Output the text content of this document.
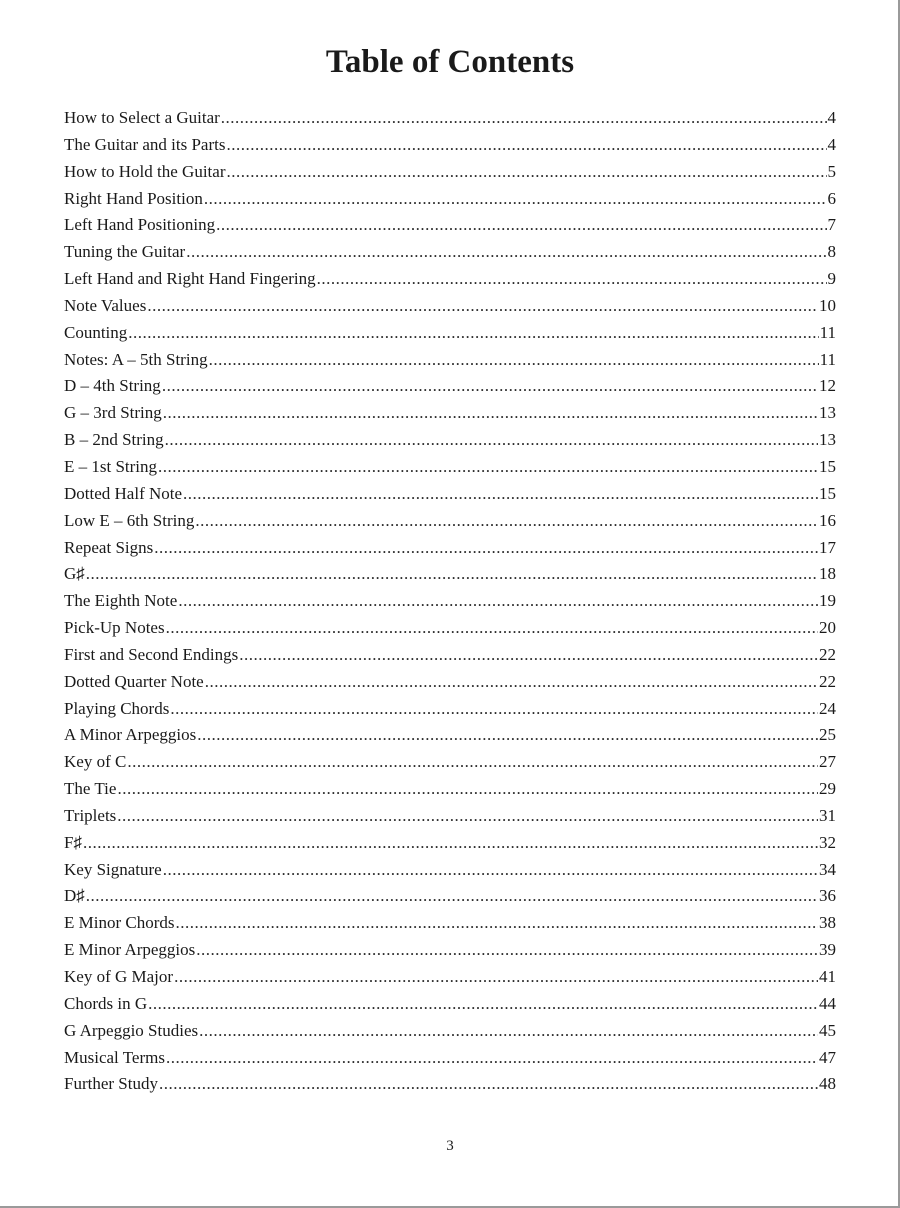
Table of Contents
How to Select a Guitar .....	4
The Guitar and its Parts .....	4
How to Hold the Guitar .....	5
Right Hand Position .....	6
Left Hand Positioning .....	7
Tuning the Guitar .....	8
Left Hand and Right Hand Fingering .....	9
Note Values .....	10
Counting .....	11
Notes: A – 5th String .....	11
D – 4th String .....	12
G – 3rd String .....	13
B – 2nd String .....	13
E – 1st String .....	15
Dotted Half Note .....	15
Low E – 6th String .....	16
Repeat Signs .....	17
G♯ .....	18
The Eighth Note .....	19
Pick-Up Notes .....	20
First and Second Endings .....	22
Dotted Quarter Note .....	22
Playing Chords .....	24
A Minor Arpeggios .....	25
Key of C .....	27
The Tie .....	29
Triplets .....	31
F♯ .....	32
Key Signature .....	34
D♯ .....	36
E Minor Chords .....	38
E Minor Arpeggios .....	39
Key of G Major .....	41
Chords in G .....	44
G Arpeggio Studies .....	45
Musical Terms .....	47
Further Study .....	48
3
